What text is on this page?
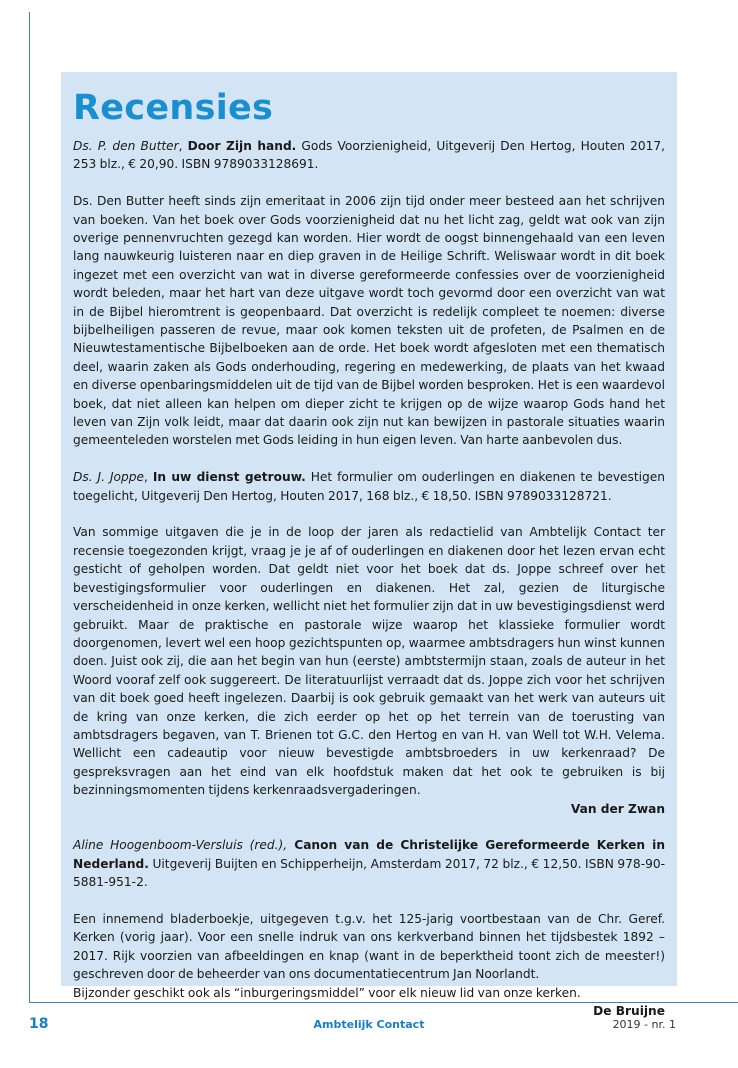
Recensies

Ds. P. den Butter, Door Zijn hand. Gods Voorzienigheid, Uitgeverij Den Hertog, Houten 2017, 253 blz., € 20,90. ISBN 9789033128691.

Ds. Den Butter heeft sinds zijn emeritaat in 2006 zijn tijd onder meer besteed aan het schrijven van boeken. Van het boek over Gods voorzienigheid dat nu het licht zag, geldt wat ook van zijn overige pennenvruchten gezegd kan worden. Hier wordt de oogst binnengehaald van een leven lang nauwkeurig luisteren naar en diep graven in de Heilige Schrift. Weliswaar wordt in dit boek ingezet met een overzicht van wat in diverse gereformeerde confessies over de voorzienigheid wordt beleden, maar het hart van deze uitgave wordt toch gevormd door een overzicht van wat in de Bijbel hieromtrent is geopenbaard. Dat overzicht is redelijk compleet te noemen: diverse bijbelheiligen passeren de revue, maar ook komen teksten uit de profeten, de Psalmen en de Nieuwtestamentische Bijbelboeken aan de orde. Het boek wordt afgesloten met een thematisch deel, waarin zaken als Gods onderhouding, regering en medewerking, de plaats van het kwaad en diverse openbaringsmiddelen uit de tijd van de Bijbel worden besproken. Het is een waardevol boek, dat niet alleen kan helpen om dieper zicht te krijgen op de wijze waarop Gods hand het leven van Zijn volk leidt, maar dat daarin ook zijn nut kan bewijzen in pastorale situaties waarin gemeenteleden worstelen met Gods leiding in hun eigen leven. Van harte aanbevolen dus.

Ds. J. Joppe, In uw dienst getrouw. Het formulier om ouderlingen en diakenen te bevestigen toegelicht, Uitgeverij Den Hertog, Houten 2017, 168 blz., € 18,50. ISBN 9789033128721.

Van sommige uitgaven die je in de loop der jaren als redactielid van Ambtelijk Contact ter recensie toegezonden krijgt, vraag je je af of ouderlingen en diakenen door het lezen ervan echt gesticht of geholpen worden. Dat geldt niet voor het boek dat ds. Joppe schreef over het bevestigingsformulier voor ouderlingen en diakenen. Het zal, gezien de liturgische verscheidenheid in onze kerken, wellicht niet het formulier zijn dat in uw bevestigingsdienst werd gebruikt. Maar de praktische en pastorale wijze waarop het klassieke formulier wordt doorgenomen, levert wel een hoop gezichtspunten op, waarmee ambtsdragers hun winst kunnen doen. Juist ook zij, die aan het begin van hun (eerste) ambtstermijn staan, zoals de auteur in het Woord vooraf zelf ook suggereert. De literatuurlijst verraadt dat ds. Joppe zich voor het schrijven van dit boek goed heeft ingelezen. Daarbij is ook gebruik gemaakt van het werk van auteurs uit de kring van onze kerken, die zich eerder op het op het terrein van de toerusting van ambtsdragers begaven, van T. Brienen tot G.C. den Hertog en van H. van Well tot W.H. Velema. Wellicht een cadeautip voor nieuw bevestigde ambtsbroeders in uw kerkenraad? De gespreksvragen aan het eind van elk hoofdstuk maken dat het ook te gebruiken is bij bezinningsmomenten tijdens kerkenraadsvergaderingen.

Van der Zwan

Aline Hoogenboom-Versluis (red.), Canon van de Christelijke Gereformeerde Kerken in Nederland. Uitgeverij Buijten en Schipperheijn, Amsterdam 2017, 72 blz., € 12,50. ISBN 978-90-5881-951-2.

Een innemend bladerboekje, uitgegeven t.g.v. het 125-jarig voortbestaan van de Chr. Geref. Kerken (vorig jaar). Voor een snelle indruk van ons kerkverband binnen het tijdsbestek 1892 – 2017. Rijk voorzien van afbeeldingen en knap (want in de beperktheid toont zich de meester!) geschreven door de beheerder van ons documentatiecentrum Jan Noorlandt.

Bijzonder geschikt ook als “inburgeringsmiddel” voor elk nieuw lid van onze kerken.

De Bruijne
18	Ambtelijk Contact	2019 - nr. 1
